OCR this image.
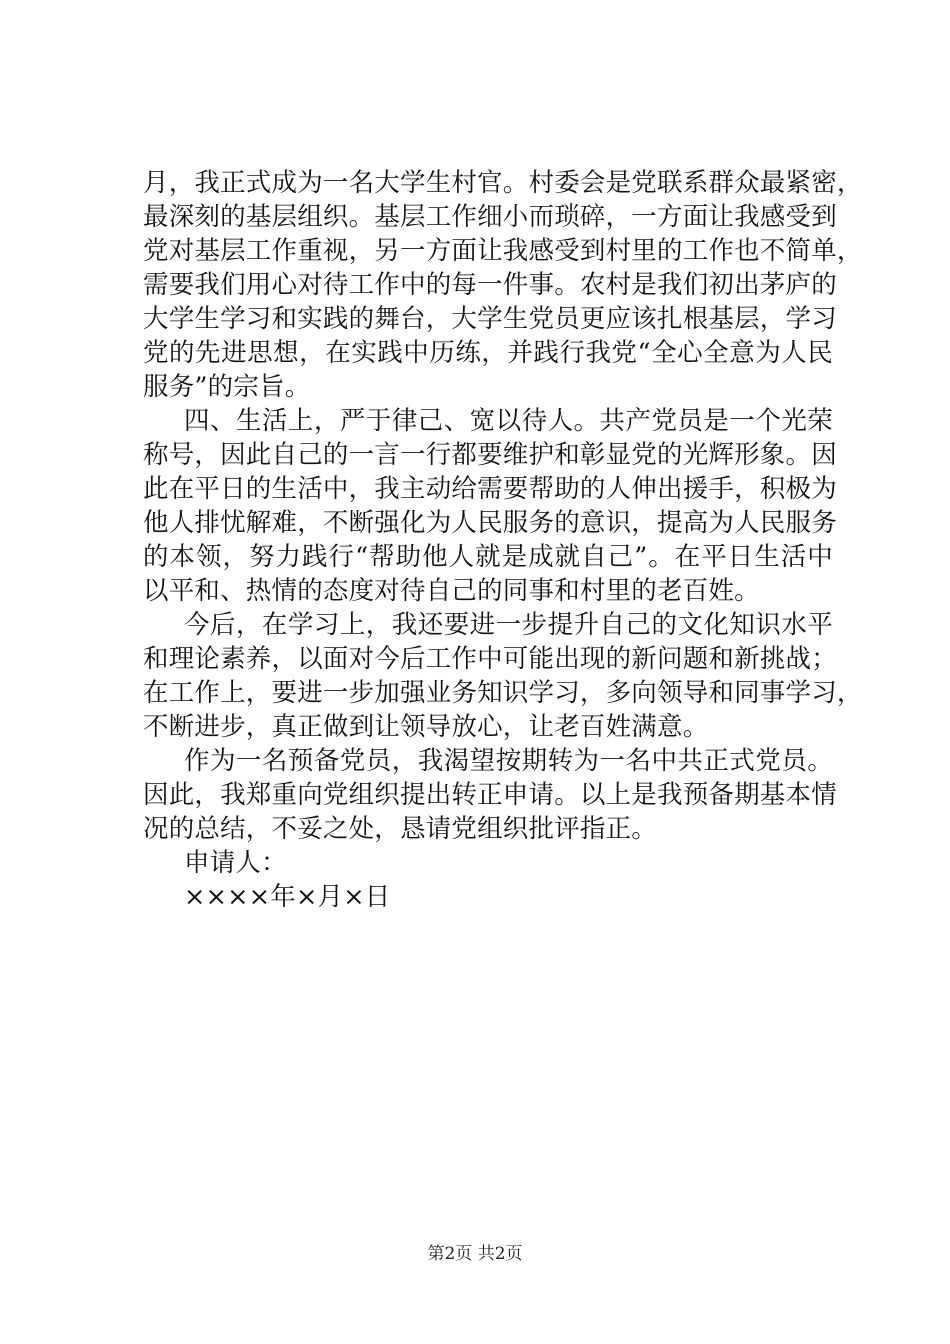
月，我正式成为一名大学生村官。村委会是党联系群众最紧密，
最深刻的基层组织。基层工作细小而琐碎，一方面让我感受到
党对基层工作重视，另一方面让我感受到村里的工作也不简单，
需要我们用心对待工作中的每一件事。农村是我们初出茅庐的
大学生学习和实践的舞台，大学生党员更应该扎根基层，学习
党的先进思想，在实践中历练，并践行我党“全心全意为人民
服务”的宗旨。
四、生活上，严于律己、宽以待人。共产党员是一个光荣
称号，因此自己的一言一行都要维护和彰显党的光辉形象。因
此在平日的生活中，我主动给需要帮助的人伸出援手，积极为
他人排忧解难，不断强化为人民服务的意识，提高为人民服务
的本领，努力践行“帮助他人就是成就自己”。在平日生活中
以平和、热情的态度对待自己的同事和村里的老百姓。
今后，在学习上，我还要进一步提升自己的文化知识水平
和理论素养，以面对今后工作中可能出现的新问题和新挑战；
在工作上，要进一步加强业务知识学习，多向领导和同事学习，
不断进步，真正做到让领导放心，让老百姓满意。
作为一名预备党员，我渴望按期转为一名中共正式党员。
因此，我郑重向党组织提出转正申请。以上是我预备期基本情
况的总结，不妥之处，恳请党组织批评指正。
申请人：
××××年×月×日
第2页 共2页
